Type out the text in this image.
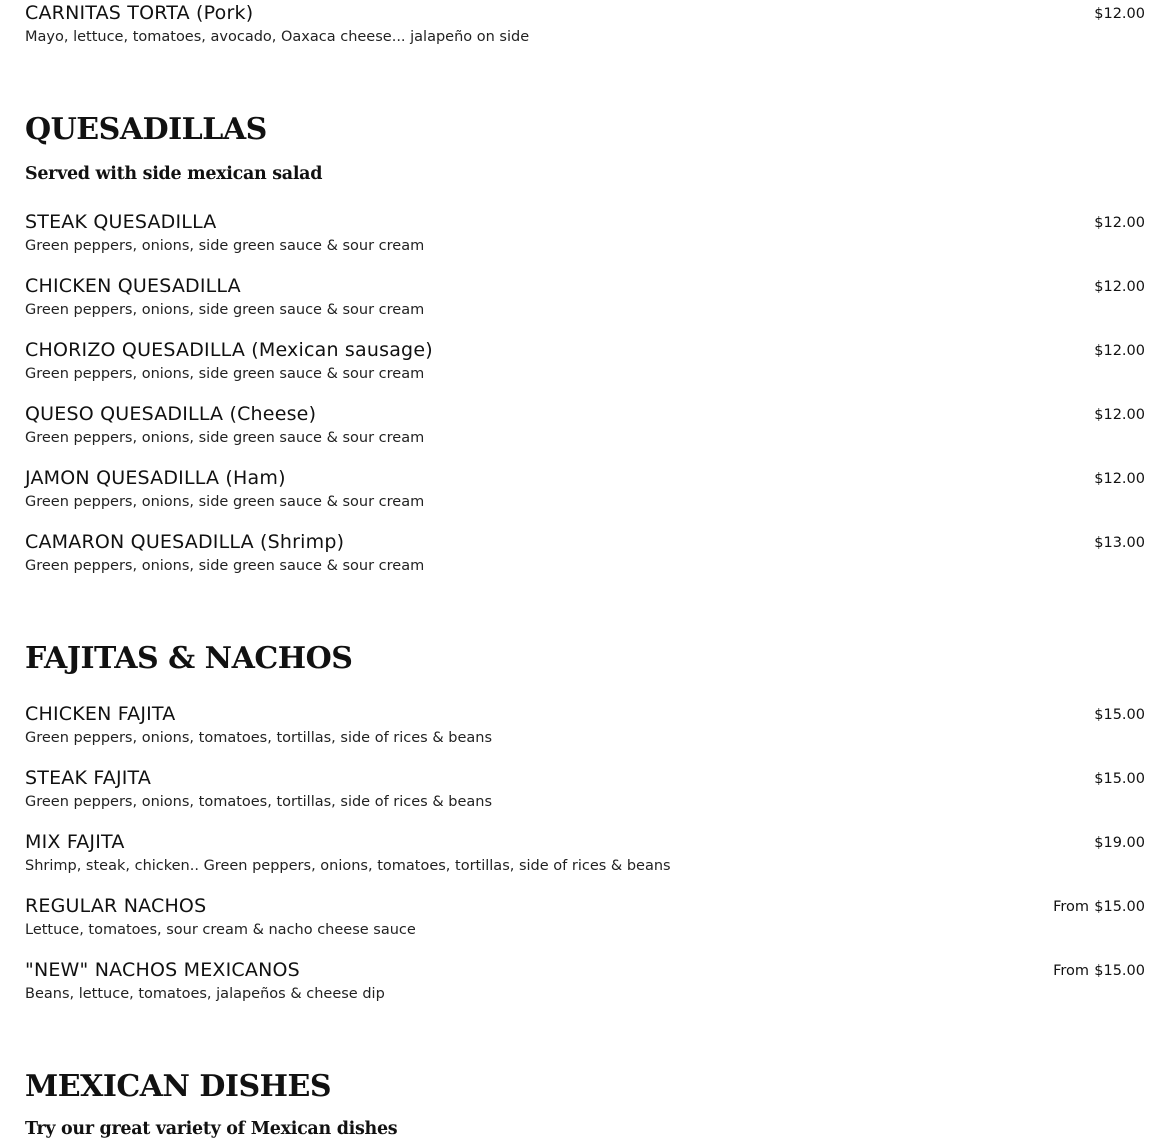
CARNITAS TORTA (Pork)
Mayo, lettuce, tomatoes, avocado, Oaxaca cheese... jalapeño on side
$12.00
QUESADILLAS
Served with side mexican salad
STEAK QUESADILLA
Green peppers, onions, side green sauce & sour cream
$12.00
CHICKEN QUESADILLA
Green peppers, onions, side green sauce & sour cream
$12.00
CHORIZO QUESADILLA (Mexican sausage)
Green peppers, onions, side green sauce & sour cream
$12.00
QUESO QUESADILLA (Cheese)
Green peppers, onions, side green sauce & sour cream
$12.00
JAMON QUESADILLA (Ham)
Green peppers, onions, side green sauce & sour cream
$12.00
CAMARON QUESADILLA (Shrimp)
Green peppers, onions, side green sauce & sour cream
$13.00
FAJITAS & NACHOS
CHICKEN FAJITA
Green peppers, onions, tomatoes, tortillas, side of rices & beans
$15.00
STEAK FAJITA
Green peppers, onions, tomatoes, tortillas, side of rices & beans
$15.00
MIX FAJITA
Shrimp, steak, chicken.. Green peppers, onions, tomatoes, tortillas, side of rices & beans
$19.00
REGULAR NACHOS
Lettuce, tomatoes, sour cream & nacho cheese sauce
From $15.00
"NEW" NACHOS MEXICANOS
Beans, lettuce, tomatoes, jalapeños & cheese dip
From $15.00
MEXICAN DISHES
Try our great variety of Mexican dishes
